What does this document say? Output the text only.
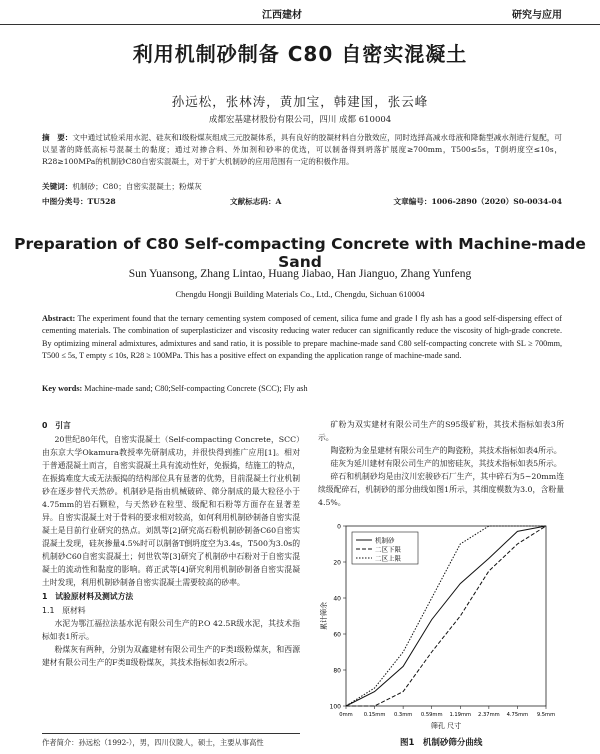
江西建材	研究与应用
利用机制砂制备 C80 自密实混凝土
孙远松，张林涛，黄加宝，韩建国，张云峰
成都宏基建材股份有限公司，四川 成都 610004
摘　要：文中通过试验采用水泥、硅灰和Ⅰ级粉煤灰组成三元胶凝体系，具有良好的胶凝材料自分散效应，同时选择高减水母液和降黏型减水剂进行复配，可以显著的降低高标号混凝土的黏度；通过对掺合料、外加剂和砂率的优选，可以制备得到坍落扩展度≥700mm，T500≤5s，T倒坍度空≤10s，R28≥100MPa的机制砂C80自密实混凝土，对于扩大机制砂的应用范围有一定的积极作用。
关键词：机制砂；C80；自密实混凝土；粉煤灰
中图分类号：TU528	文献标志码：A	文章编号：1006-2890（2020）S0-0034-04
Preparation of C80 Self-compacting Concrete with Machine-made Sand
Sun Yuansong, Zhang Lintao, Huang Jiabao, Han Jianguo, Zhang Yunfeng
Chengdu Hongji Building Materials Co., Ltd., Chengdu, Sichuan 610004
Abstract: The experiment found that the ternary cementing system composed of cement, silica fume and grade Ⅰ fly ash has a good self-dispersing effect of cementing materials. The combination of superplasticizer and viscosity reducing water reducer can significantly reduce the viscosity of high-grade concrete. By optimizing mineral admixtures, admixtures and sand ratio, it is possible to prepare machine-made sand C80 self-compacting concrete with SL ≥ 700mm, T500 ≤ 5s, T empty ≤ 10s, R28 ≥ 100MPa. This has a positive effect on expanding the application range of machine-made sand.
Key words: Machine-made sand; C80;Self-compacting Concrete (SCC); Fly ash
0　引言

20世纪80年代，自密实混凝土（Self-compacting Concrete，SCC）由东京大学Okamura教授率先研制成功，并很快得到推广应用[1]。相对于普通混凝土而言，自密实混凝土具有流动性好，免振捣，结施工的特点，在振捣难度大或无法振捣的结构部位具有显著的优势，目前混凝土行业机制砂在逐步替代天然砂。机制砂是指由机械破碎、筛分制成的最大粒径小于4.75mm的岩石颗粒，与天然砂在粒型、级配和石粉等方面存在显著差异。自密实混凝土对于骨料的要求相对较高，如何利用机制砂制备自密实混凝土是目前行业研究的热点。刘凯等[2]研究高石粉机制砂制备C60自密实混凝土发现，硅灰掺量4.5%时可以制备T倒坍度空为3.4s，T500为3.0s的机制砂C60自密实混凝土；何世钦等[3]研究了机制砂中石粉对于自密实混凝土的流动性和黏度的影响。蒋正武等[4]研究利用机制砂制备自密实混凝土时发现，利用机制砂制备自密实混凝土需要较高的砂率。

1　试验原材料及测试方法
1.1　原材料

水泥为鄂江福拉法基水泥有限公司生产的P.O 42.5R级水泥，其技术指标如表1所示。

粉煤灰有两种，分别为双鑫建材有限公司生产的F类Ⅰ级粉煤灰，和西源建材有限公司生产的F类Ⅱ级粉煤灰，其技术指标如表2所示。

矿粉为双实建材有限公司生产的S95级矿粉，其技术指标如表3所示。

陶瓷粉为金星建材有限公司生产的陶瓷粉，其技术指标如表4所示。

硅灰为延川建材有限公司生产的加密硅灰，其技术指标如表5所示。

碎石和机制砂均是由汶川宏骏砂石厂生产，其中碎石为5~20mm连续级配碎石，机制砂的部分曲线如图1所示，其细度模数为3.0，含粉量4.5%。

0
20
40
60
80
100
0mm 0.15mm 0.3mm 0.59mm 1.19mm 2.37mm 4.75mm 9.5mm
机制砂
二区下限
二区上限
筛孔 尺寸
累计筛余
作者简介：孙远松（1992-），男，四川仪陇人，硕士，主要从事高性	图1　机制砂筛分曲线
